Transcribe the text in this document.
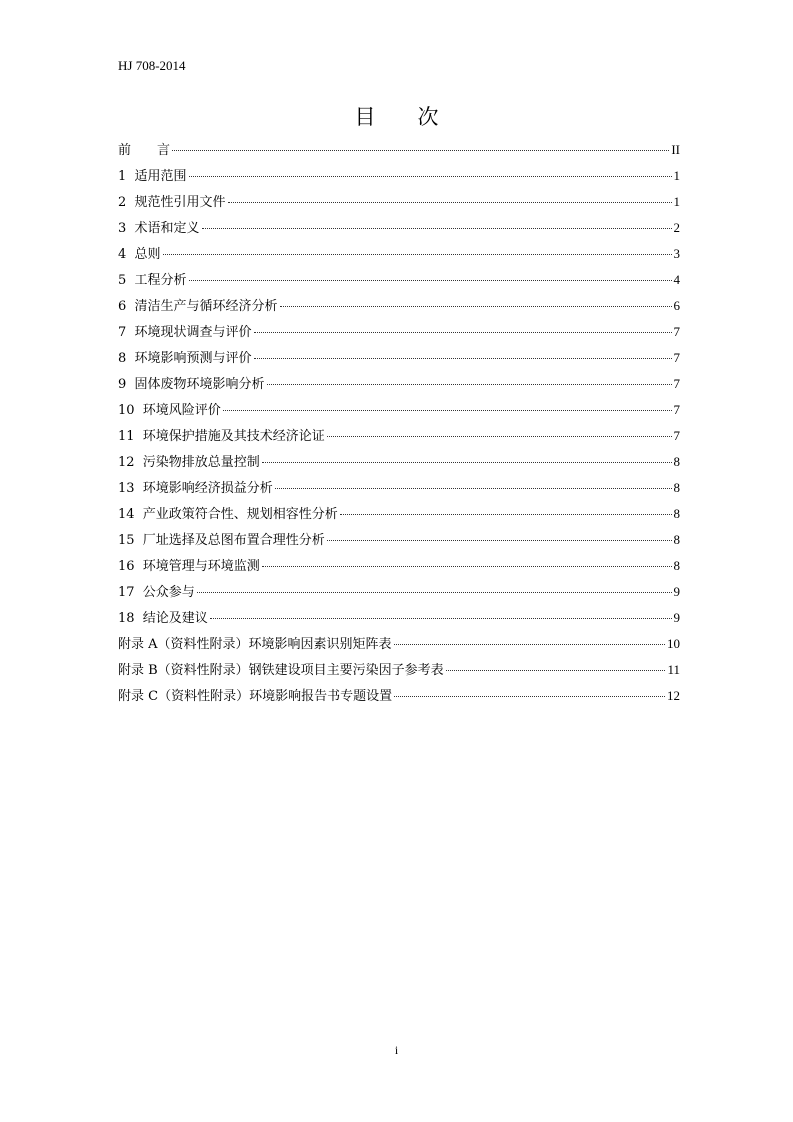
HJ 708-2014
目　　次
前　　言	II
1  适用范围	1
2  规范性引用文件	1
3  术语和定义	2
4  总则	3
5  工程分析	4
6  清洁生产与循环经济分析	6
7  环境现状调查与评价	7
8  环境影响预测与评价	7
9  固体废物环境影响分析	7
10  环境风险评价	7
11  环境保护措施及其技术经济论证	7
12  污染物排放总量控制	8
13  环境影响经济损益分析	8
14  产业政策符合性、规划相容性分析	8
15  厂址选择及总图布置合理性分析	8
16  环境管理与环境监测	8
17  公众参与	9
18  结论及建议	9
附录 A（资料性附录）环境影响因素识别矩阵表	10
附录 B（资料性附录）钢铁建设项目主要污染因子参考表	11
附录 C（资料性附录）环境影响报告书专题设置	12
i
